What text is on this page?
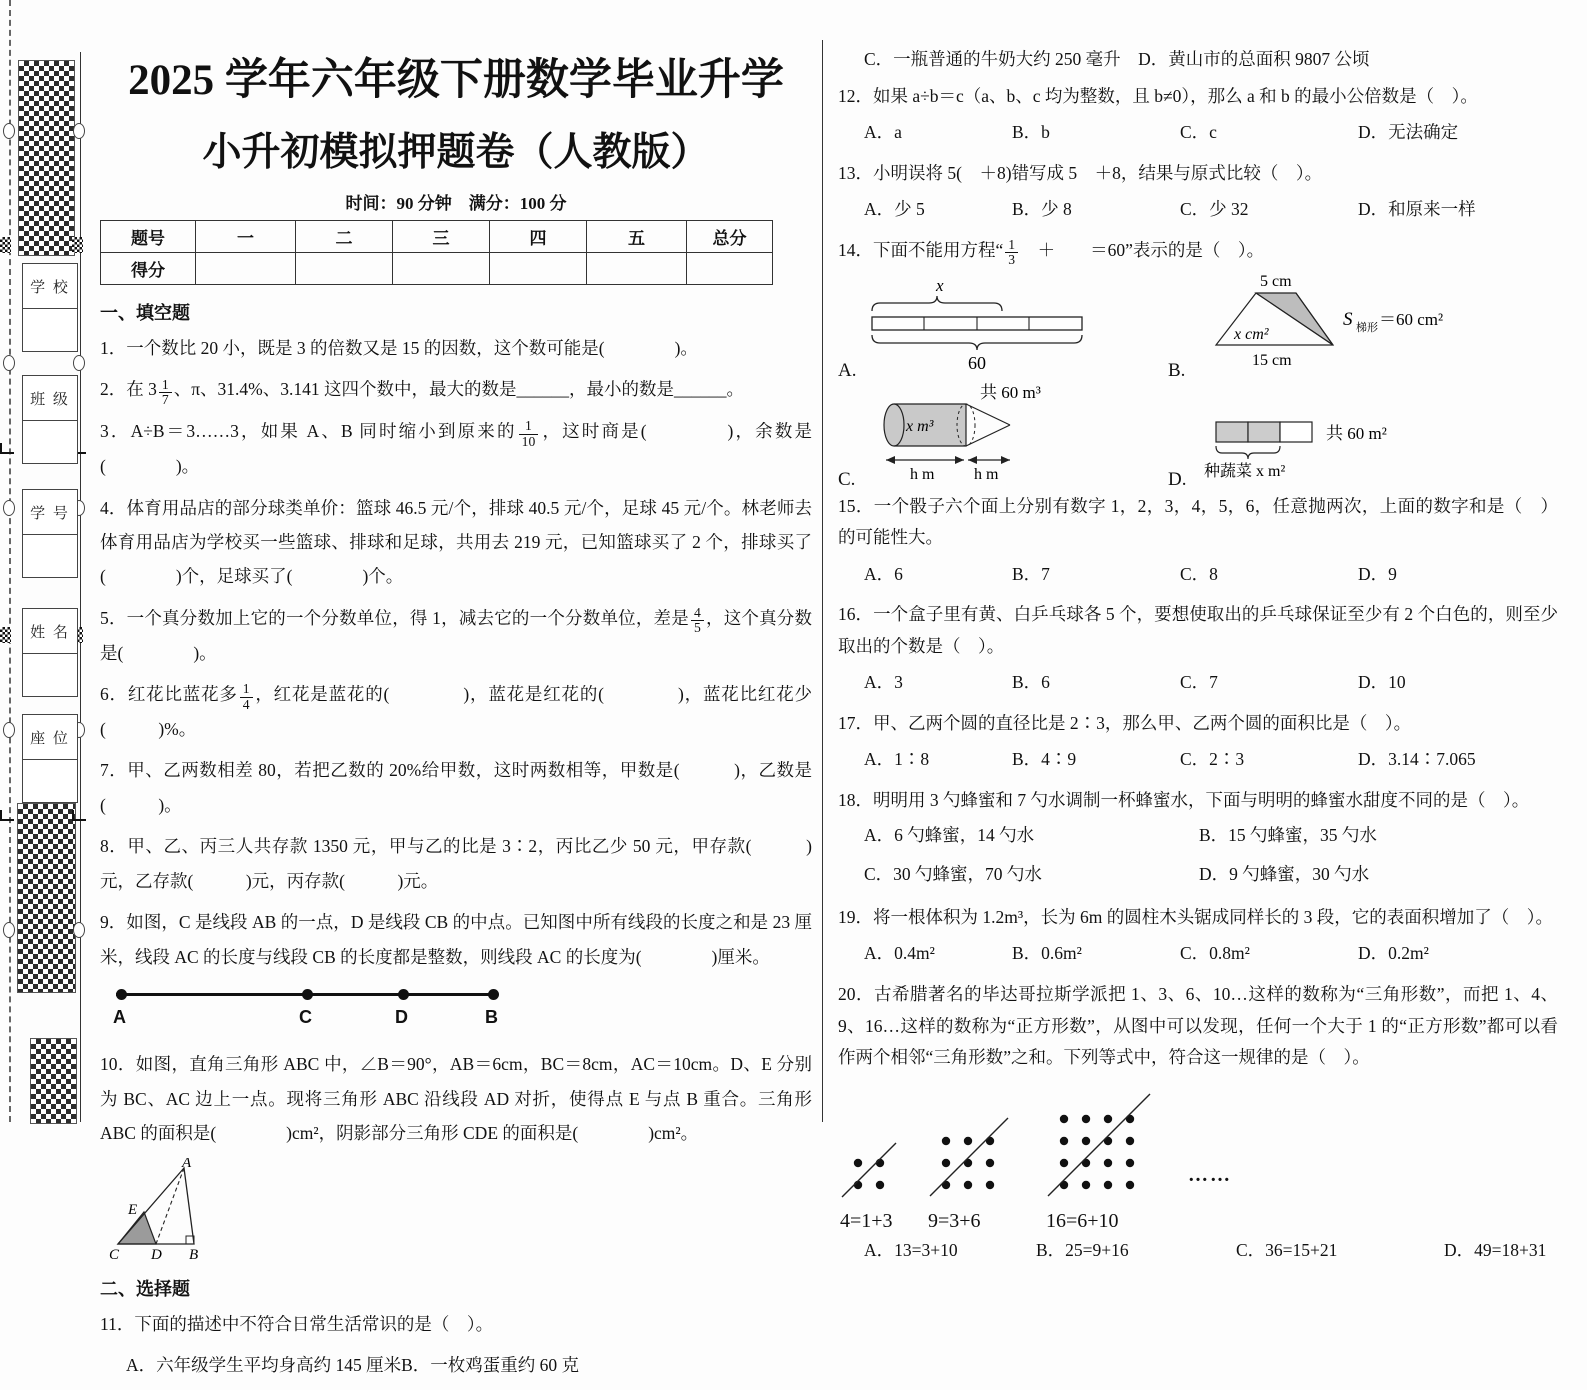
学 校
班 级
学 号
姓 名
座 位
2025 学年六年级下册数学毕业升学
小升初模拟押题卷（人教版）
时间：90 分钟　满分：100 分
题号	一	二	三	四	五	总分
得分						
一、填空题
1．一个数比 20 小，既是 3 的倍数又是 15 的因数，这个数可能是(　　　　)。
2．在 $3 \frac{1}{7}$ 、π、31.4%、3.141 这四个数中，最大的数是______，最小的数是______。
3．A÷B＝3……3，如果 A、B 同时缩小到原来的 $\frac{1}{10}$ ，这时商是(　　　　)，余数是(　　　　)。
4．体育用品店的部分球类单价：篮球 46.5 元/个，排球 40.5 元/个，足球 45 元/个。林老师去体育用品店为学校买一些篮球、排球和足球，共用去 219 元，已知篮球买了 2 个，排球买了(　　　　)个，足球买了(　　　　)个。
5．一个真分数加上它的一个分数单位，得 1，减去它的一个分数单位，差是 $\frac{4}{5}$ ，这个真分数是(　　　　)。
6．红花比蓝花多 $\frac{1}{4}$ ，红花是蓝花的(　　　　)，蓝花是红花的(　　　　)，蓝花比红花少(　　　)%。
7．甲、乙两数相差 80，若把乙数的 20%给甲数，这时两数相等，甲数是(　　　)，乙数是(　　　)。
8．甲、乙、丙三人共存款 1350 元，甲与乙的比是 3∶2，丙比乙少 50 元，甲存款(　　　)元，乙存款(　　　)元，丙存款(　　　)元。
9．如图，C 是线段 AB 的一点，D 是线段 CB 的中点。已知图中所有线段的长度之和是 23 厘米，线段 AC 的长度与线段 CB 的长度都是整数，则线段 AC 的长度为(　　　　)厘米。
A	C	D	B
10．如图，直角三角形 ABC 中，∠B＝90°，AB＝6cm，BC＝8cm，AC＝10cm。D、E 分别为 BC、AC 边上一点。现将三角形 ABC 沿线段 AD 对折，使得点 E 与点 B 重合。三角形 ABC 的面积是(　　　　)cm²，阴影部分三角形 CDE 的面积是(　　　　)cm²。
A
E
C D B
二、选择题
11．下面的描述中不符合日常生活常识的是（　）。
A．六年级学生平均身高约 145 厘米B．一枚鸡蛋重约 60 克
C．一瓶普通的牛奶大约 250 毫升　D．黄山市的总面积 9807 公顷
12．如果 a÷b＝c（a、b、c 均为整数，且 b≠0），那么 a 和 b 的最小公倍数是（　）。
A．a	B．b	C．c	D．无法确定
13．小明误将 5(　＋8)错写成 5　＋8，结果与原式比较（　）。
A．少 5	B．少 8	C．少 32	D．和原来一样
14．下面不能用方程“ $\frac{1}{3}$ 　＋　　＝60”表示的是（　）。
x
60
A.
5 cm
x cm²
15 cm
S 梯形 ＝60 cm²
B.
共 60 m³
x m³
h m h m
C.
共 60 m²
种蔬菜 x m²
D.
15．一个骰子六个面上分别有数字 1，2，3，4，5，6，任意抛两次，上面的数字和是（　）的可能性大。
A．6	B．7	C．8	D．9
16．一个盒子里有黄、白乒乓球各 5 个，要想使取出的乒乓球保证至少有 2 个白色的，则至少取出的个数是（　）。
A．3	B．6	C．7	D．10
17．甲、乙两个圆的直径比是 2∶3，那么甲、乙两个圆的面积比是（　）。
A．1∶8	B．4∶9	C．2∶3	D．3.14∶7.065
18．明明用 3 勺蜂蜜和 7 勺水调制一杯蜂蜜水，下面与明明的蜂蜜水甜度不同的是（　）。
A．6 勺蜂蜜，14 勺水	B．15 勺蜂蜜，35 勺水
C．30 勺蜂蜜，70 勺水	D．9 勺蜂蜜，30 勺水
19．将一根体积为 1.2m³，长为 6m 的圆柱木头锯成同样长的 3 段，它的表面积增加了（　）。
A．0.4m²	B．0.6m²	C．0.8m²	D．0.2m²
20．古希腊著名的毕达哥拉斯学派把 1、3、6、10…这样的数称为“三角形数”，而把 1、4、9、16…这样的数称为“正方形数”，从图中可以发现，任何一个大于 1 的“正方形数”都可以看作两个相邻“三角形数”之和。下列等式中，符合这一规律的是（　）。
4=1+3	9=3+6	16=6+10
……
A．13=3+10	B．25=9+16	C．36=15+21	D．49=18+31
